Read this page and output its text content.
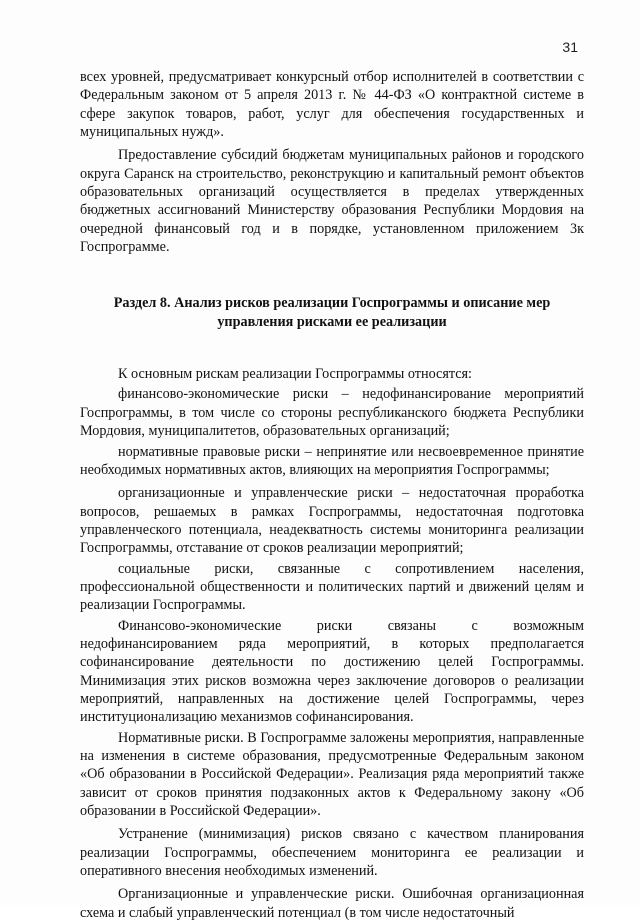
31

всех уровней, предусматривает конкурсный отбор исполнителей в соответствии с Федеральным законом от 5 апреля 2013 г. № 44-ФЗ «О контрактной системе в сфере закупок товаров, работ, услуг для обеспечения государственных и муниципальных нужд».

Предоставление субсидий бюджетам муниципальных районов и городского округа Саранск на строительство, реконструкцию и капитальный ремонт объектов образовательных организаций осуществляется в пределах утвержденных бюджетных ассигнований Министерству образования Республики Мордовия на очередной финансовый год и в порядке, установленном приложением 3к Госпрограмме.

Раздел 8. Анализ рисков реализации Госпрограммы и описание мер
управления рисками ее реализации

К основным рискам реализации Госпрограммы относятся:

финансово-экономические риски – недофинансирование мероприятий Госпрограммы, в том числе со стороны республиканского бюджета Республики Мордовия, муниципалитетов, образовательных организаций;

нормативные правовые риски – непринятие или несвоевременное принятие необходимых нормативных актов, влияющих на мероприятия Госпрограммы;

организационные и управленческие риски – недостаточная проработка вопросов, решаемых в рамках Госпрограммы, недостаточная подготовка управленческого потенциала, неадекватность системы мониторинга реализации Госпрограммы, отставание от сроков реализации мероприятий;

социальные риски, связанные с сопротивлением населения, профессиональной общественности и политических партий и движений целям и реализации Госпрограммы.

Финансово-экономические риски связаны с возможным недофинансированием ряда мероприятий, в которых предполагается софинансирование деятельности по достижению целей Госпрограммы. Минимизация этих рисков возможна через заключение договоров о реализации мероприятий, направленных на достижение целей Госпрограммы, через институционализацию механизмов софинансирования.

Нормативные риски. В Госпрограмме заложены мероприятия, направленные на изменения в системе образования, предусмотренные Федеральным законом «Об образовании в Российской Федерации». Реализация ряда мероприятий также зависит от сроков принятия подзаконных актов к Федеральному закону «Об образовании в Российской Федерации».

Устранение (минимизация) рисков связано с качеством планирования реализации Госпрограммы, обеспечением мониторинга ее реализации и оперативного внесения необходимых изменений.

Организационные и управленческие риски. Ошибочная организационная схема и слабый управленческий потенциал (в том числе недостаточный
